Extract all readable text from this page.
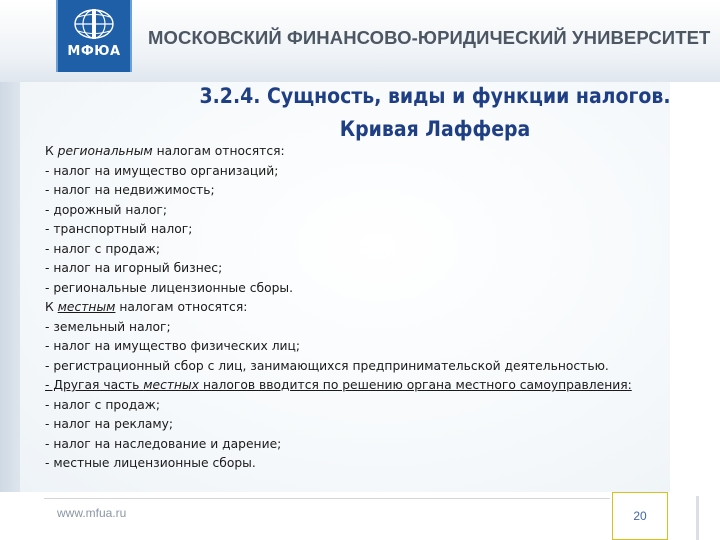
МФЮА
МОСКОВСКИЙ ФИНАНСОВО-ЮРИДИЧЕСКИЙ УНИВЕРСИТЕТ
3.2.4. Сущность, виды и функции налогов.
Кривая Лаффера
К региональным налогам относятся:
- налог на имущество организаций;
- налог на недвижимость;
- дорожный налог;
- транспортный налог;
- налог с продаж;
- налог на игорный бизнес;
- региональные лицензионные сборы.
К местным налогам относятся:
- земельный налог;
- налог на имущество физических лиц;
- регистрационный сбор с лиц, занимающихся предпринимательской деятельностью.
- Другая часть местных налогов вводится по решению органа местного самоуправления:
- налог с продаж;
- налог на рекламу;
- налог на наследование и дарение;
- местные лицензионные сборы.
www.mfua.ru	20
